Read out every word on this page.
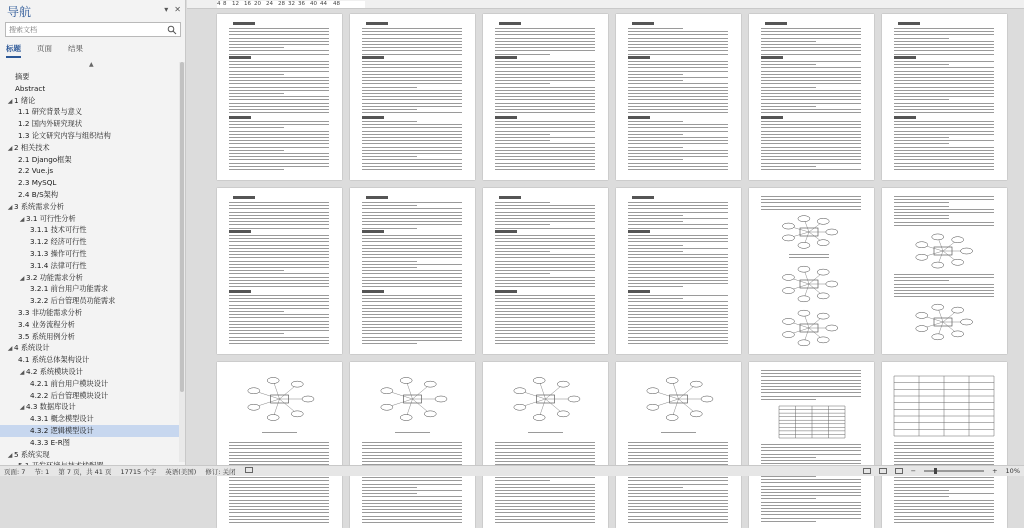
导航	▾ ✕
搜索文档
标题 页面 结果
▲
摘要
Abstract
◢ 1 绪论
1.1 研究背景与意义
1.2 国内外研究现状
1.3 论文研究内容与组织结构
◢ 2 相关技术
2.1 Django框架
2.2 Vue.js
2.3 MySQL
2.4 B/S架构
◢ 3 系统需求分析
◢ 3.1 可行性分析
3.1.1 技术可行性
3.1.2 经济可行性
3.1.3 操作可行性
3.1.4 法律可行性
◢ 3.2 功能需求分析
3.2.1 前台用户功能需求
3.2.2 后台管理员功能需求
3.3 非功能需求分析
3.4 业务流程分析
3.5 系统用例分析
◢ 4 系统设计
4.1 系统总体架构设计
◢ 4.2 系统模块设计
4.2.1 前台用户模块设计
4.2.2 后台管理模块设计
◢ 4.3 数据库设计
4.3.1 概念模型设计
4.3.2 逻辑模型设计
4.3.3 E-R图
◢ 5 系统实现
4 8 12 16 20 24 28 32 36 40 44 48
页面: 7 节: 1 第 7 页，共 41 页 17715 个字 英语(美国) 修订: 关闭	−	+ 10%
